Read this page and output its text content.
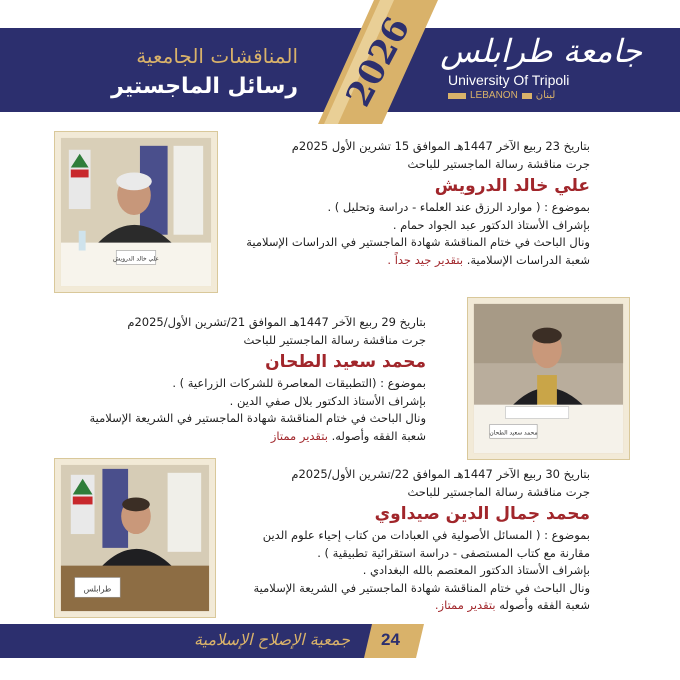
2026
المناقشات الجامعية
رسائل الماجستير
جامعة طرابلس
University Of Tripoli
LEBANON لبنان
علي خالد الدرويش
بتاريخ 23 ربيع الآخر 1447هـ الموافق 15 تشرين الأول 2025م
جرت مناقشة رسالة الماجستير للباحث
علي خالد الدرويش
بموضوع : ( موارد الرزق عند العلماء - دراسة وتحليل ) .
بإشراف الأستاذ الدكتور عبد الجواد حمام .
ونال الباحث في ختام المناقشة شهادة الماجستير في الدراسات الإسلامية
شعبة الدراسات الإسلامية. بتقدير جيد جداً .
محمد سعيد الطحان
بتاريخ 29 ربيع الآخر 1447هـ الموافق 21/تشرين الأول/2025م
جرت مناقشة رسالة الماجستير للباحث
محمد سعيد الطحان
بموضوع : (التطبيقات المعاصرة للشركات الزراعية ) .
بإشراف الأستاذ الدكتور بلال صفي الدين .
ونال الباحث في ختام المناقشة شهادة الماجستير في الشريعة الإسلامية
شعبة الفقه وأصوله. بتقدير ممتاز
طرابلس
بتاريخ 30 ربيع الآخر 1447هـ الموافق 22/تشرين الأول/2025م
جرت مناقشة رسالة الماجستير للباحث
محمد جمال الدين صيداوي
بموضوع : ( المسائل الأصولية في العبادات من كتاب إحياء علوم الدين
مقارنة مع كتاب المستصفى - دراسة استقرائية تطبيقية ) .
بإشراف الأستاذ الدكتور المعتصم بالله البغدادي .
ونال الباحث في ختام المناقشة شهادة الماجستير في الشريعة الإسلامية
شعبة الفقه وأصوله بتقدير ممتاز.
جمعية الإصلاح الإسلامية 24
